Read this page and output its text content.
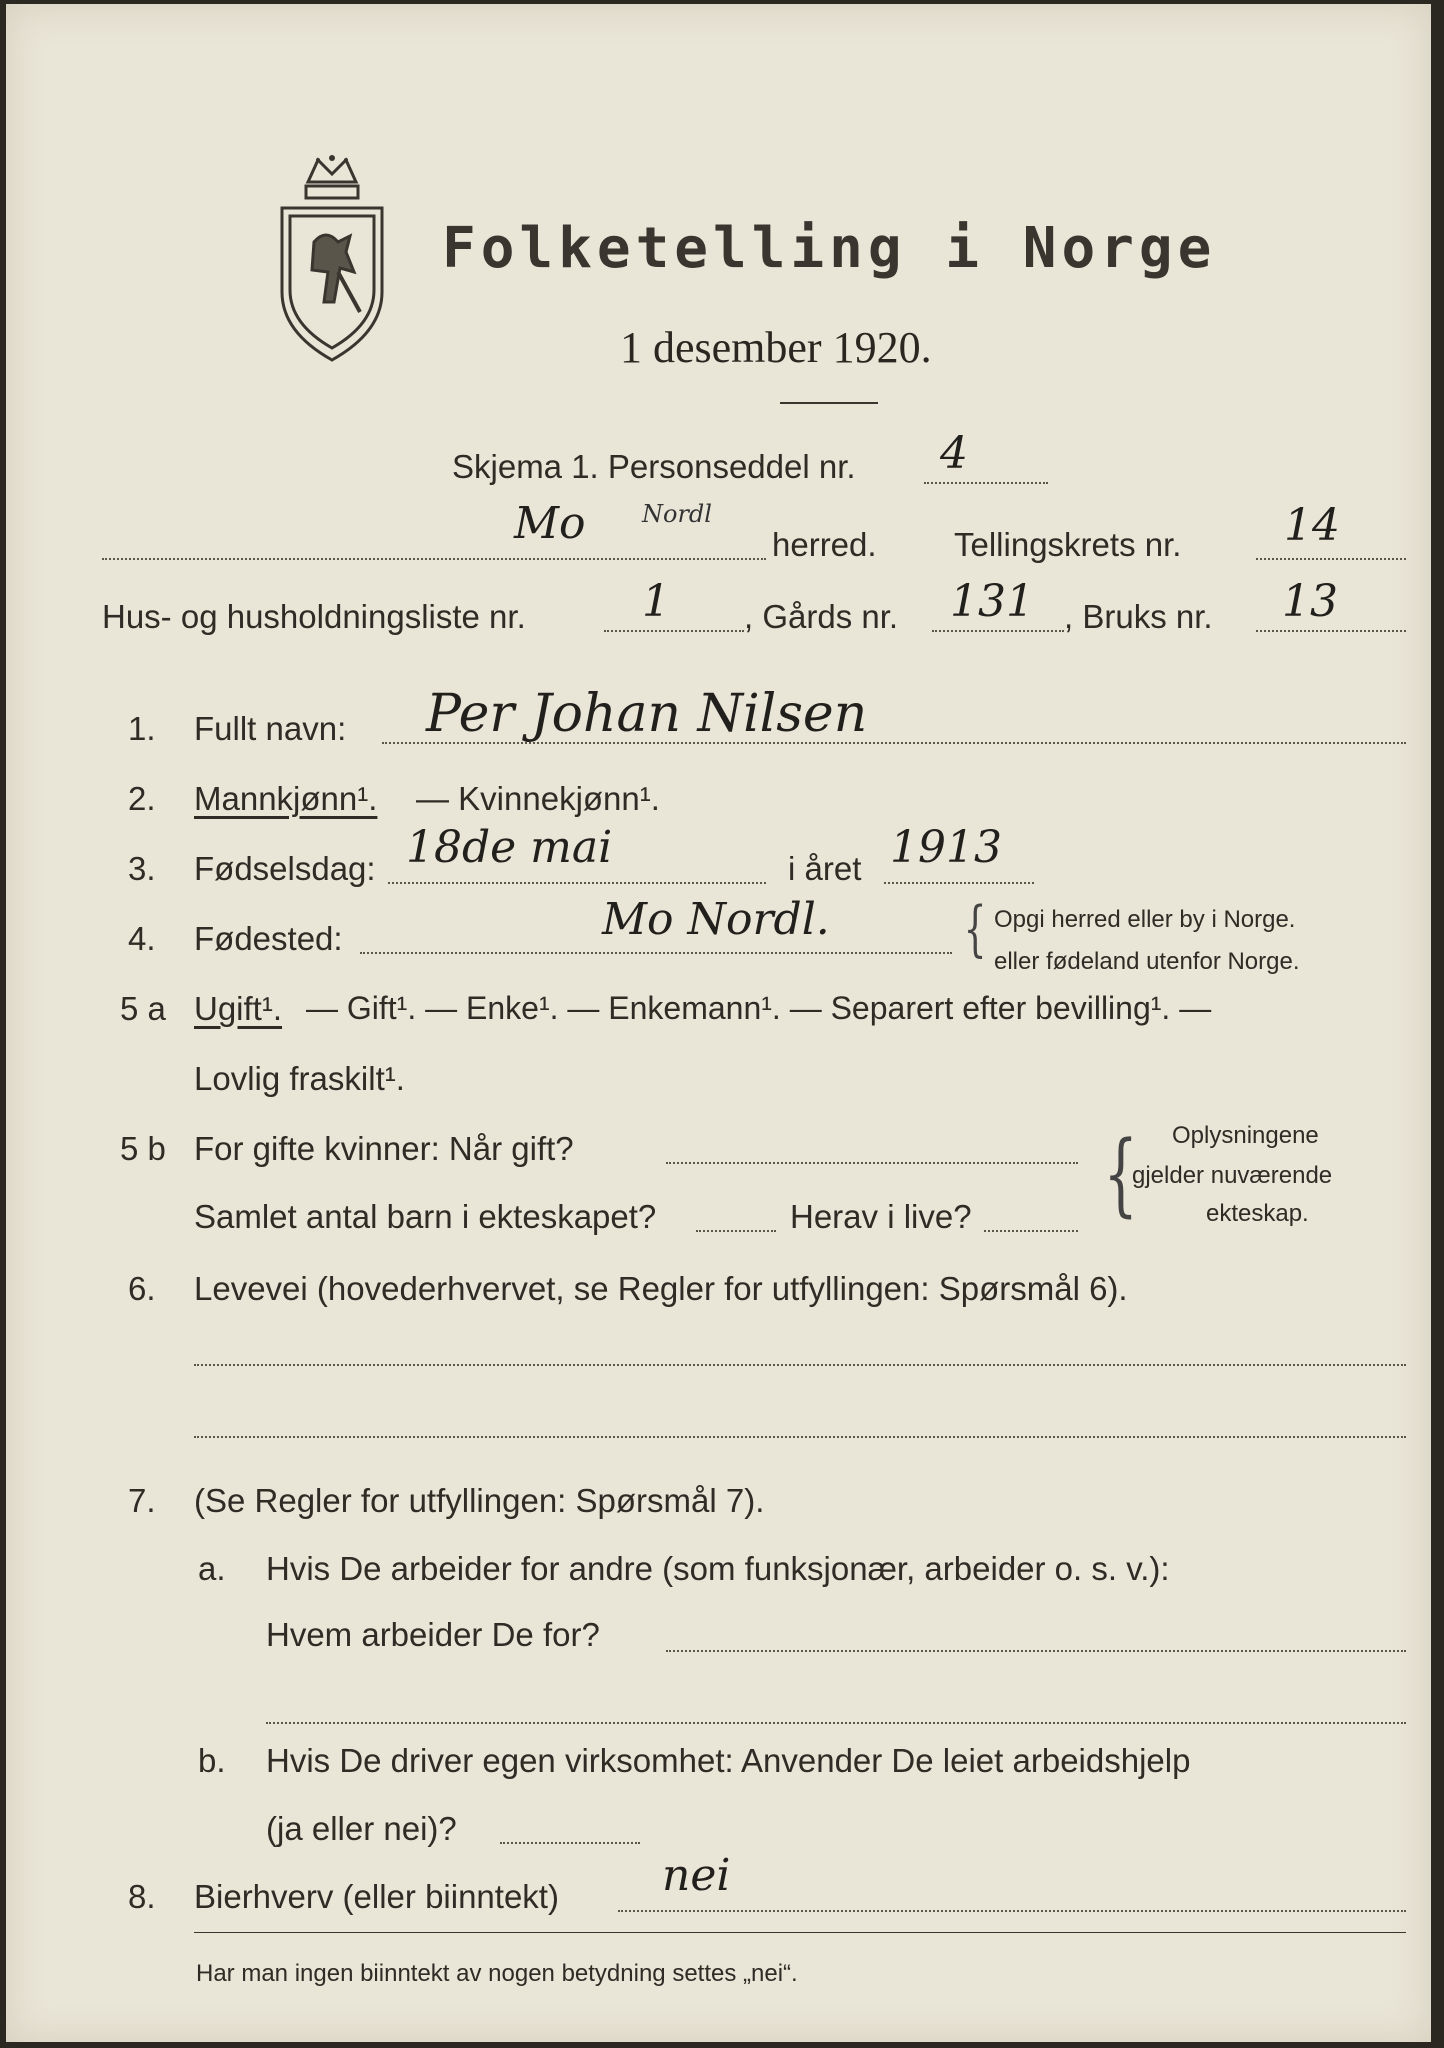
Folketelling i Norge
1 desember 1920.
Skjema 1. Personseddel nr. 4
Mo Nordl
herred. Tellingskrets nr. 14
Hus- og husholdningsliste nr.	1 , Gårds nr. 131 , Bruks nr. 13
1. Fullt navn: Per Johan Nilsen
2. Mannkjønn¹. — Kvinnekjønn¹.
3. Fødselsdag: 18de mai	i året 1913
4. Fødested:	Mo Nordl. { Opgi herred eller by i Norge.
eller fødeland utenfor Norge.
5 a Ugift¹. — Gift¹. — Enke¹. — Enkemann¹. — Separert efter bevilling¹. —
Lovlig fraskilt¹.
5 b For gifte kvinner: Når gift?
Samlet antal barn i ekteskapet?	Herav i live? { Oplysningene
gjelder nuværende
ekteskap.
6. Levevei (hovederhvervet, se Regler for utfyllingen: Spørsmål 6).
7. (Se Regler for utfyllingen: Spørsmål 7).
a. Hvis De arbeider for andre (som funksjonær, arbeider o. s. v.):
Hvem arbeider De for?
b. Hvis De driver egen virksomhet: Anvender De leiet arbeidshjelp
(ja eller nei)?
8. Bierhverv (eller biinntekt) nei
Har man ingen biinntekt av nogen betydning settes „nei“.
